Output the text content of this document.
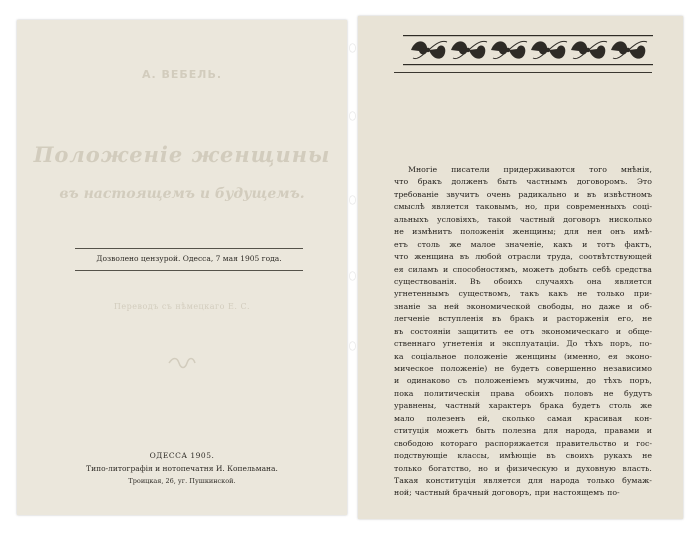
А. ВЕБЕЛЬ.
Положеніе женщины
въ настоящемъ и будущемъ.
Дозволено цензурой. Одесса, 7 мая 1905 года.
Переводъ съ нѣмецкаго Е. С.
ОДЕССА 1905.
Типо-литографія и нотопечатня И. Копельмана.
Троицкая, 26, уг. Пушкинской.
Многіе писатели придерживаются того мнѣнія,
что бракъ долженъ быть частнымъ договоромъ. Это
требованіе звучитъ очень радикально и въ извѣстномъ
смыслѣ является таковымъ, но, при современныхъ соці-
альныхъ условіяхъ, такой частный договоръ нисколько
не измѣнитъ положенія женщины; для нея онъ имѣ-
етъ столь же малое значеніе, какъ и тотъ фактъ,
что женщина въ любой отрасли труда, соотвѣтствующей
ея силамъ и способностямъ, можетъ добыть себѣ средства
существованія. Въ обоихъ случаяхъ она является
угнетеннымъ существомъ, такъ какъ не только при-
знаніе за ней экономической свободы, но даже и об-
легченіе вступленія въ бракъ и расторженія его, не
въ состояніи защитить ее отъ экономическаго и обще-
ственнаго угнетенія и эксплуатаціи. До тѣхъ поръ, по-
ка соціальное положеніе женщины (именно, ея эконо-
мическое положеніе) не будетъ совершенно независимо
и одинаково съ положеніемъ мужчины, до тѣхъ поръ,
пока политическія права обоихъ половъ не будутъ
уравнены, частный характеръ брака будетъ столь же
мало полезенъ ей, сколько самая красивая кон-
ституція можетъ быть полезна для народа, правами и
свободою котораго распоряжается правительство и гос-
подствующіе классы, имѣющіе въ своихъ рукахъ не
только богатство, но и физическую и духовную власть.
Такая конституція является для народа только бумаж-
ной; частный брачный договоръ, при настоящемъ по-
